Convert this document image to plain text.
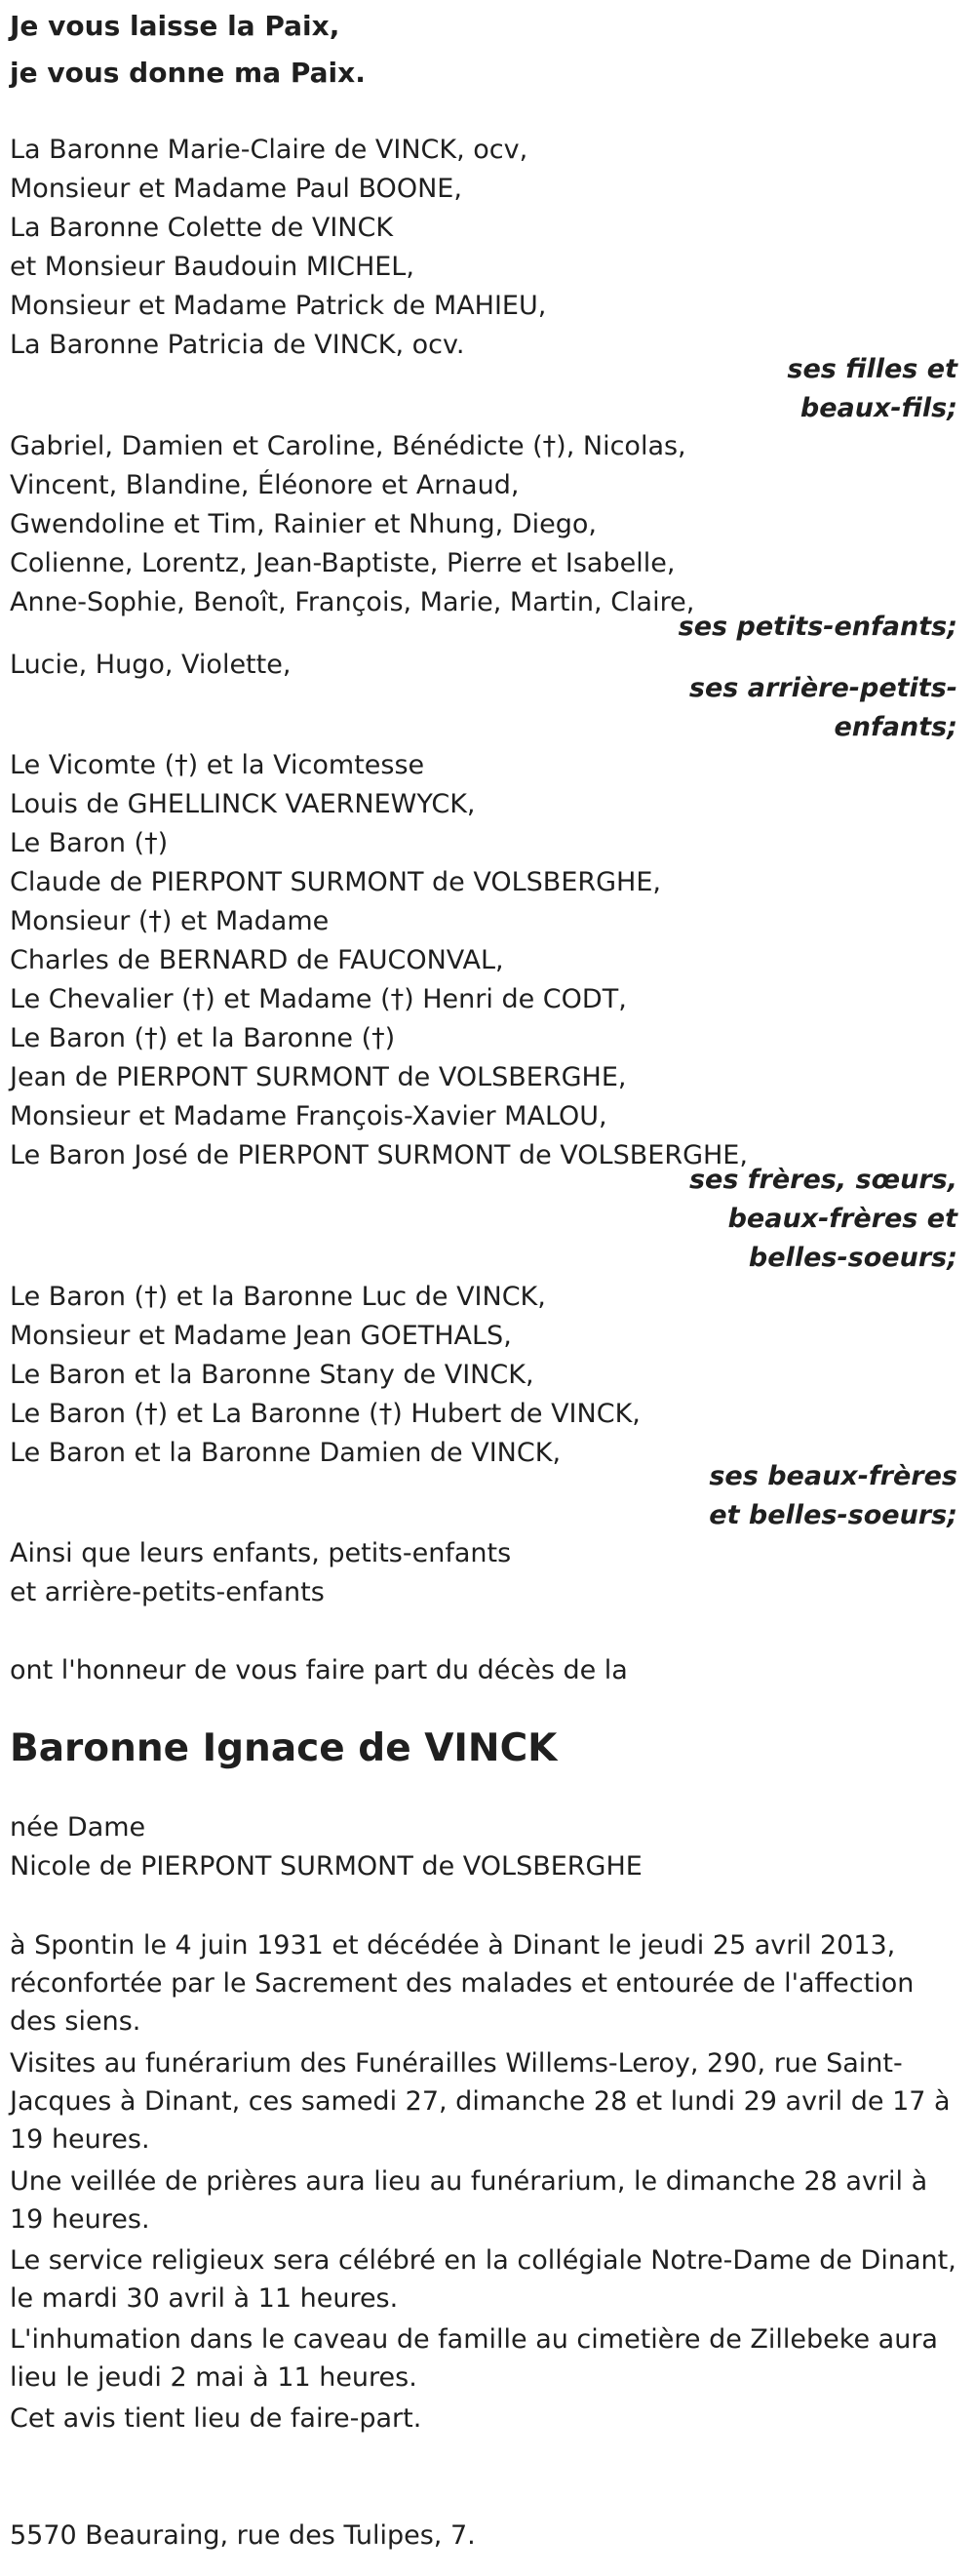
Je vous laisse la Paix,
je vous donne ma Paix.
La Baronne Marie-Claire de VINCK, ocv,
Monsieur et Madame Paul BOONE,
La Baronne Colette de VINCK
et Monsieur Baudouin MICHEL,
Monsieur et Madame Patrick de MAHIEU,
La Baronne Patricia de VINCK, ocv.
ses filles et
beaux-fils;
Gabriel, Damien et Caroline, Bénédicte (†), Nicolas,
Vincent, Blandine, Éléonore et Arnaud,
Gwendoline et Tim, Rainier et Nhung, Diego,
Colienne, Lorentz, Jean-Baptiste, Pierre et Isabelle,
Anne-Sophie, Benoît, François, Marie, Martin, Claire,
ses petits-enfants;
Lucie, Hugo, Violette,
ses arrière-petits-
enfants;
Le Vicomte (†) et la Vicomtesse
Louis de GHELLINCK VAERNEWYCK,
Le Baron (†)
Claude de PIERPONT SURMONT de VOLSBERGHE,
Monsieur (†) et Madame
Charles de BERNARD de FAUCONVAL,
Le Chevalier (†) et Madame (†) Henri de CODT,
Le Baron (†) et la Baronne (†)
Jean de PIERPONT SURMONT de VOLSBERGHE,
Monsieur et Madame François-Xavier MALOU,
Le Baron José de PIERPONT SURMONT de VOLSBERGHE,
ses frères, sœurs,
beaux-frères et
belles-soeurs;
Le Baron (†) et la Baronne Luc de VINCK,
Monsieur et Madame Jean GOETHALS,
Le Baron et la Baronne Stany de VINCK,
Le Baron (†) et La Baronne (†) Hubert de VINCK,
Le Baron et la Baronne Damien de VINCK,
ses beaux-frères
et belles-soeurs;
Ainsi que leurs enfants, petits-enfants
et arrière-petits-enfants
ont l'honneur de vous faire part du décès de la
Baronne Ignace de VINCK
née Dame
Nicole de PIERPONT SURMONT de VOLSBERGHE

à Spontin le 4 juin 1931 et décédée à Dinant le jeudi 25 avril 2013, réconfortée par le Sacrement des malades et entourée de l'affection des siens.

Visites au funérarium des Funérailles Willems-Leroy, 290, rue Saint-Jacques à Dinant, ces samedi 27, dimanche 28 et lundi 29 avril de 17 à 19 heures.

Une veillée de prières aura lieu au funérarium, le dimanche 28 avril à 19 heures.

Le service religieux sera célébré en la collégiale Notre-Dame de Dinant, le mardi 30 avril à 11 heures.

L'inhumation dans le caveau de famille au cimetière de Zillebeke aura lieu le jeudi 2 mai à 11 heures.

Cet avis tient lieu de faire-part.

5570 Beauraing, rue des Tulipes, 7.
